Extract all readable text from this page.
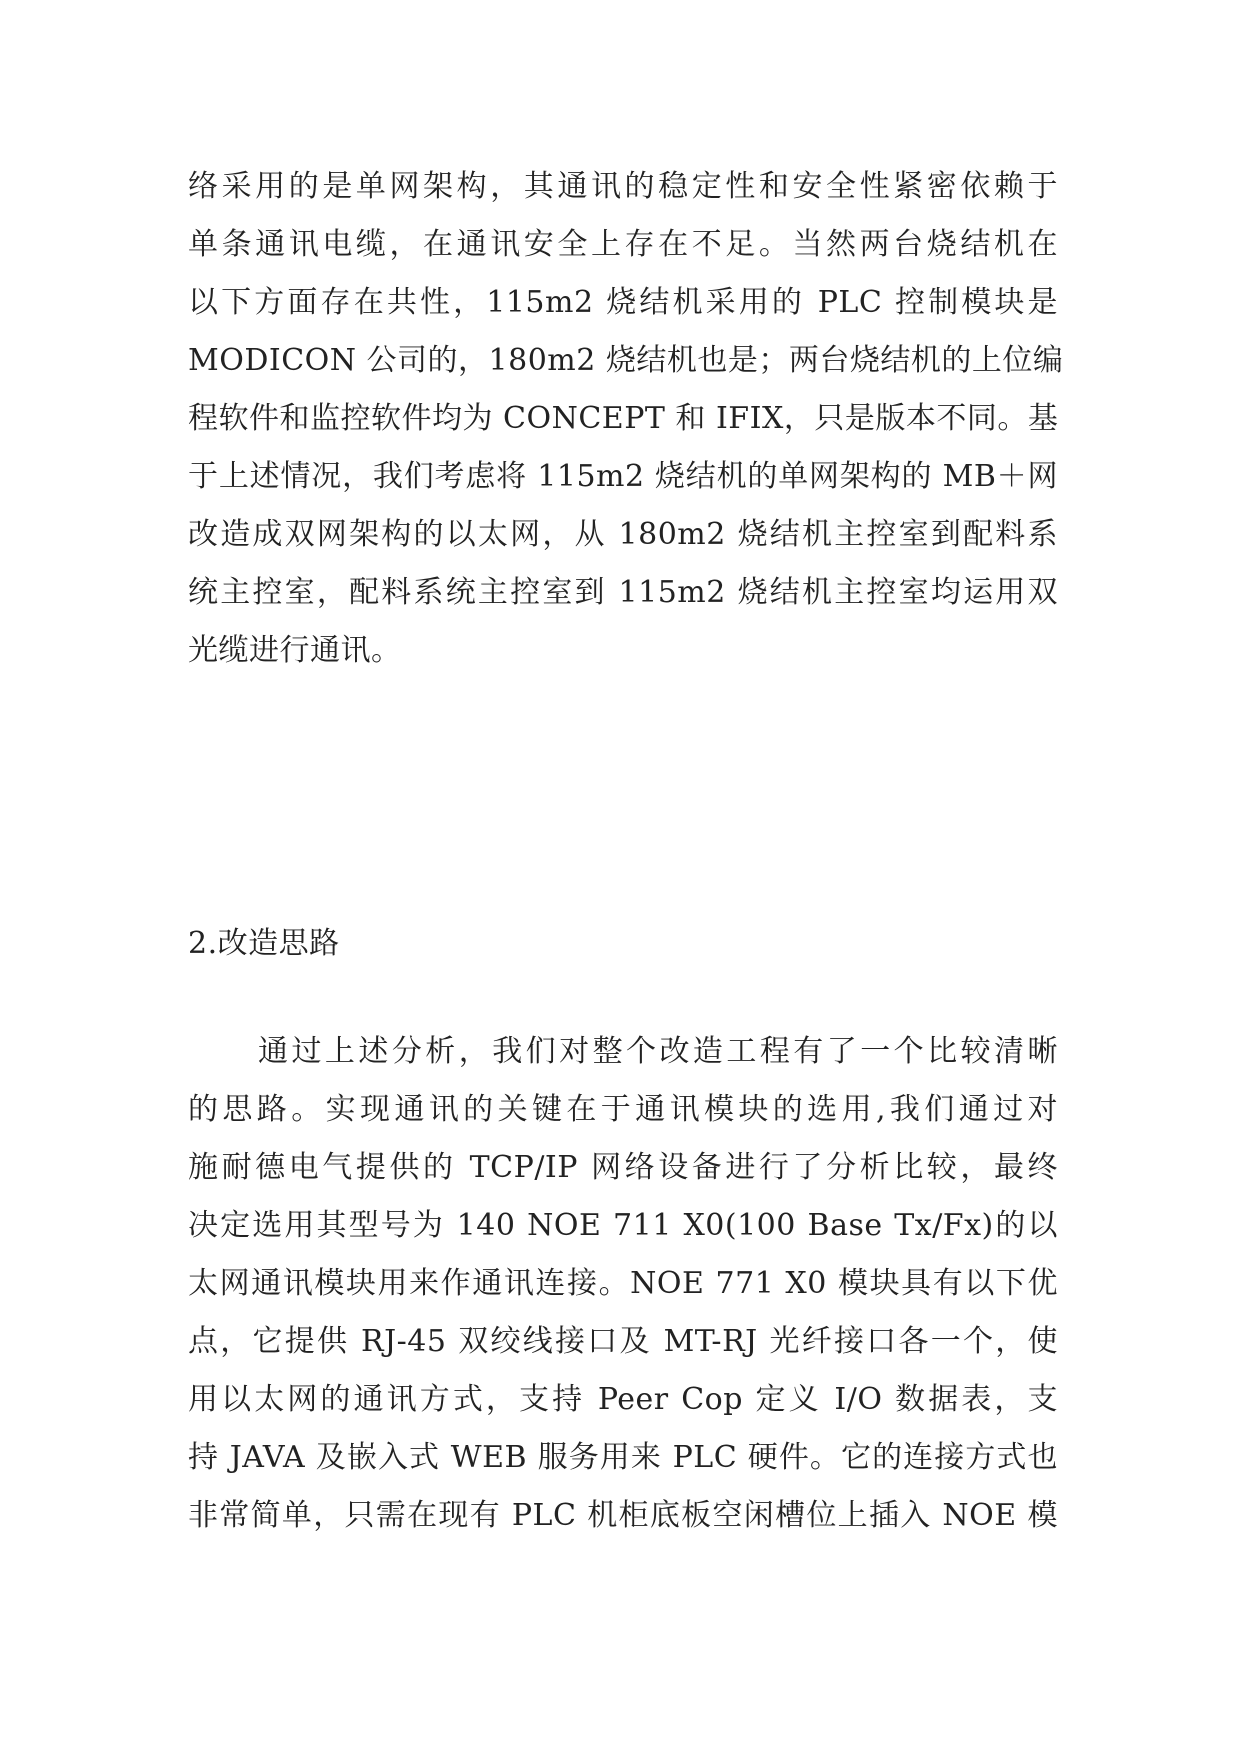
络采用的是单网架构，其通讯的稳定性和安全性紧密依赖于
单条通讯电缆，在通讯安全上存在不足。当然两台烧结机在
以下方面存在共性，115m2 烧结机采用的 PLC 控制模块是
MODICON 公司的，180m2 烧结机也是；两台烧结机的上位编
程软件和监控软件均为 CONCEPT 和 IFIX，只是版本不同。基
于上述情况，我们考虑将 115m2 烧结机的单网架构的 MB＋网
改造成双网架构的以太网，从 180m2 烧结机主控室到配料系
统主控室，配料系统主控室到 115m2 烧结机主控室均运用双
光缆进行通讯。
2.改造思路
通过上述分析，我们对整个改造工程有了一个比较清晰
的思路。实现通讯的关键在于通讯模块的选用,我们通过对
施耐德电气提供的 TCP/IP 网络设备进行了分析比较，最终
决定选用其型号为 140 NOE 711 X0(100 Base Tx/Fx)的以
太网通讯模块用来作通讯连接。NOE 771 X0 模块具有以下优
点，它提供 RJ-45 双绞线接口及 MT-RJ 光纤接口各一个，使
用以太网的通讯方式，支持 Peer Cop 定义 I/O 数据表，支
持 JAVA 及嵌入式 WEB 服务用来 PLC 硬件。它的连接方式也
非常简单，只需在现有 PLC 机柜底板空闲槽位上插入 NOE 模
